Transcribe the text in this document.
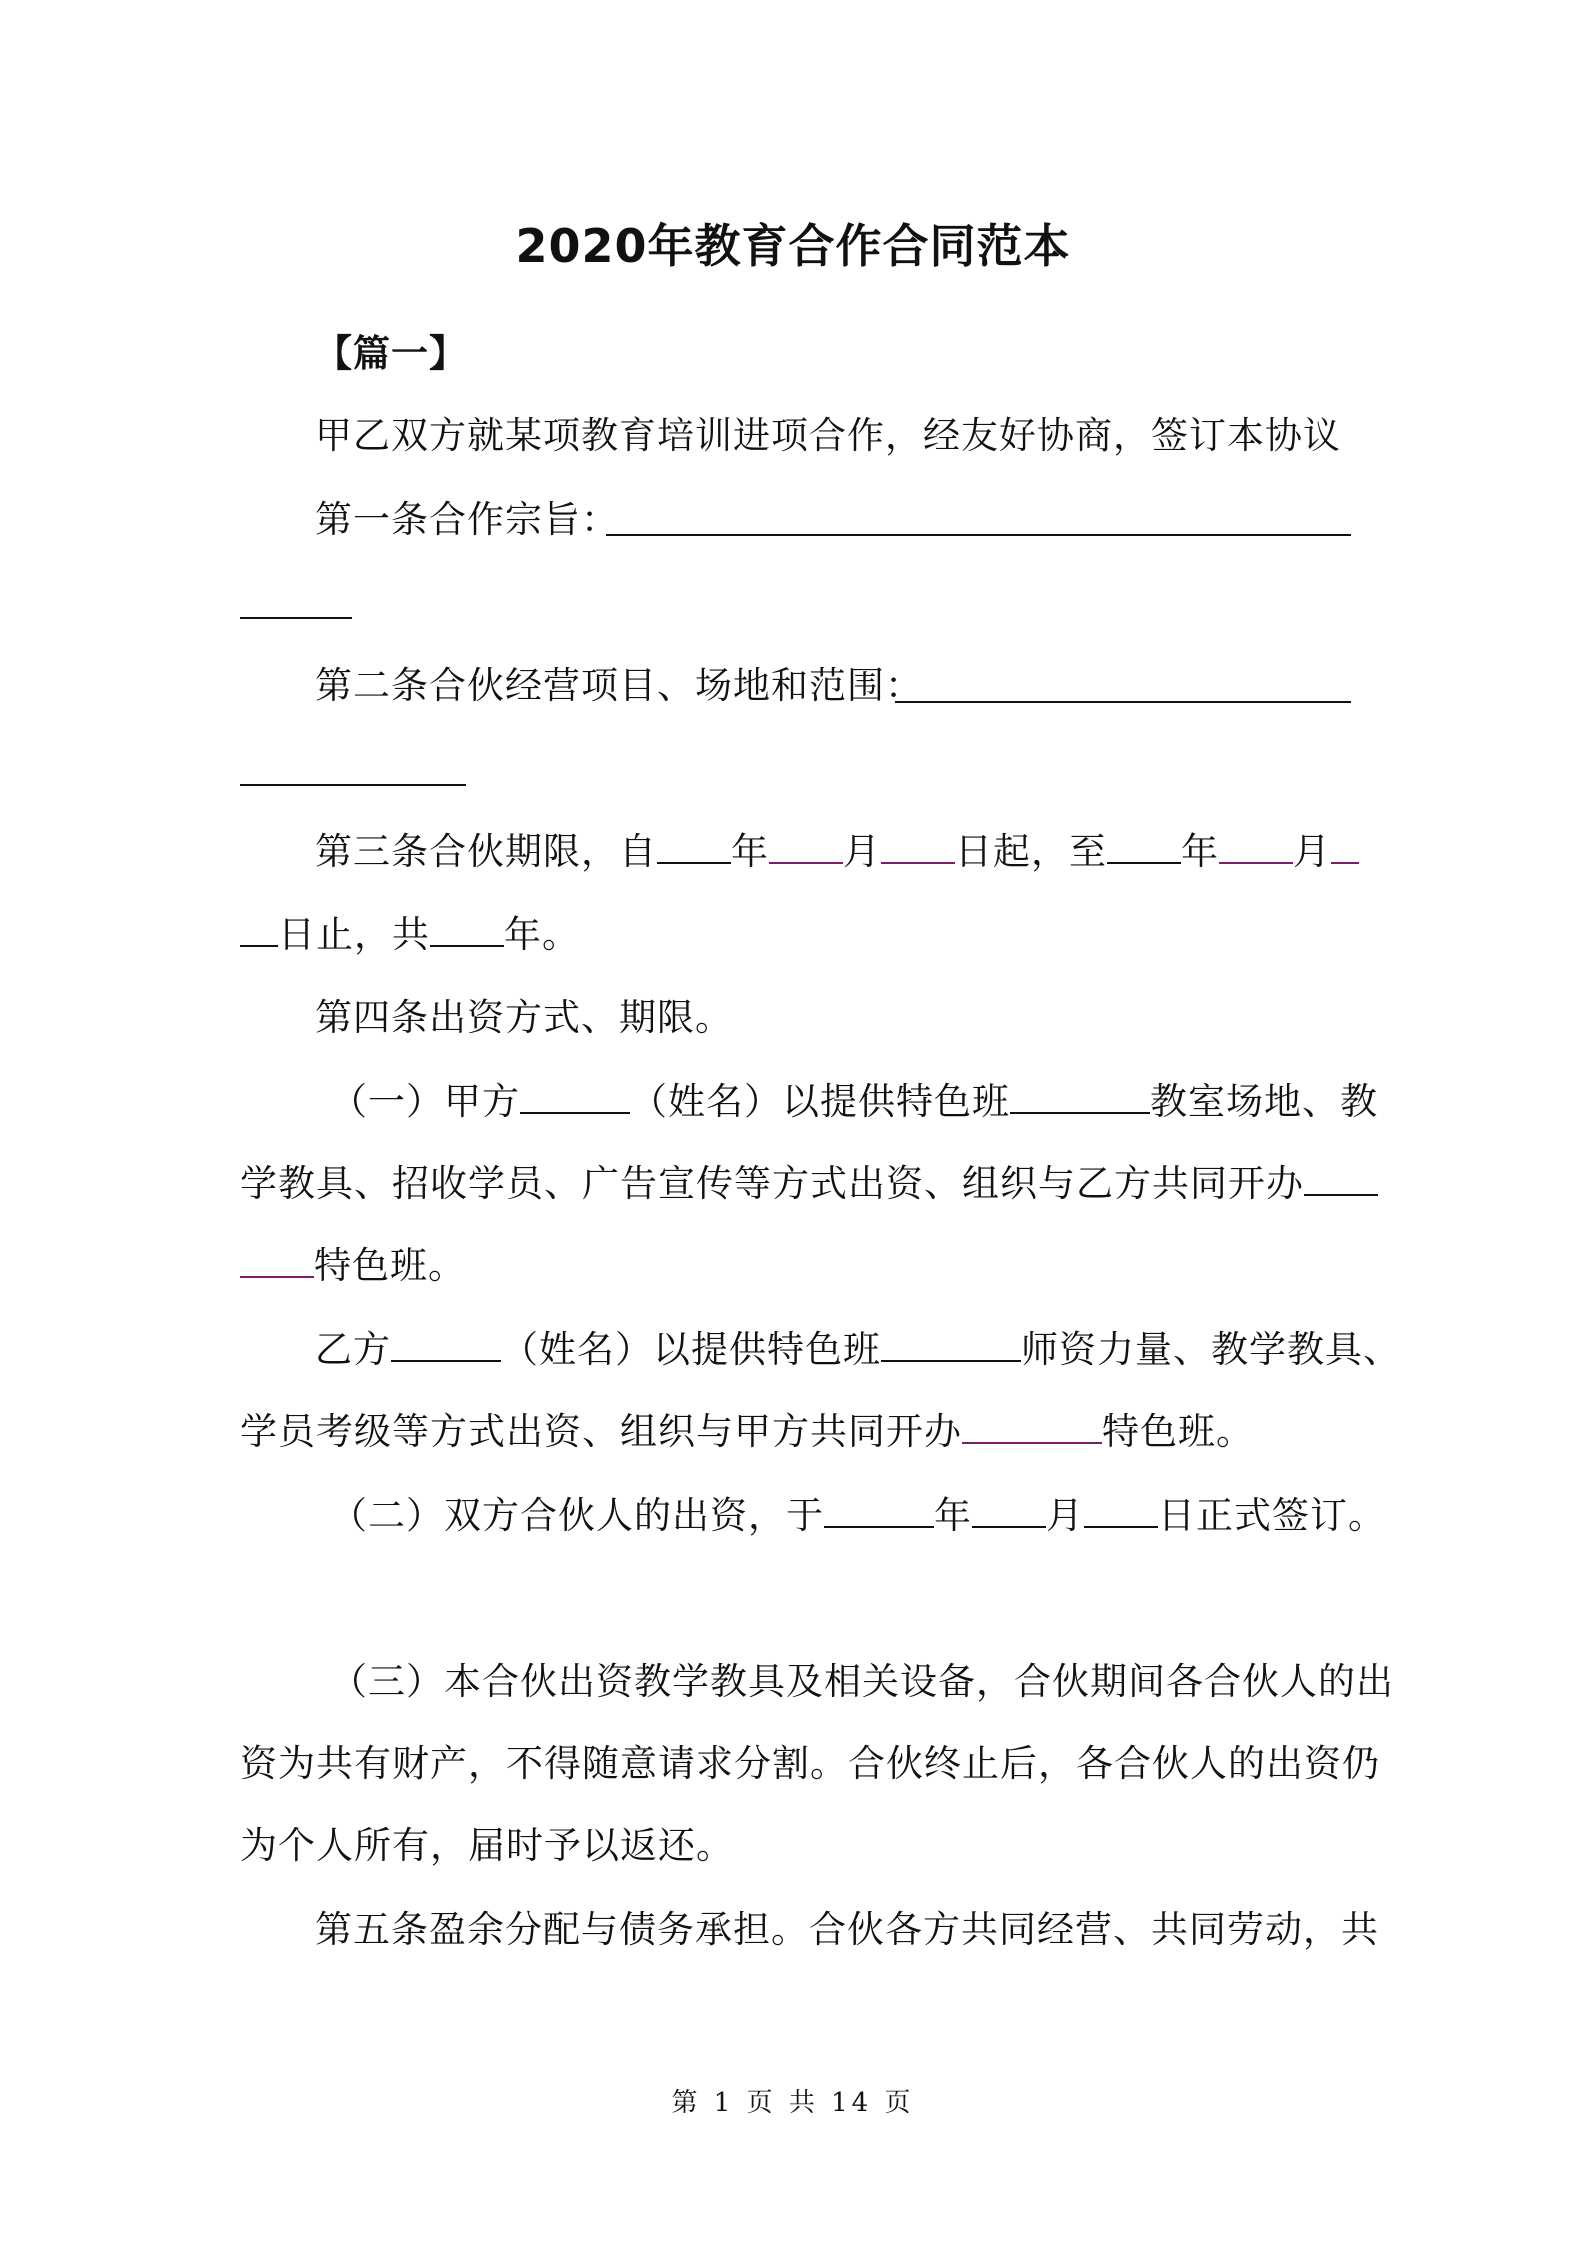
2020年教育合作合同范本
【篇一】
甲乙双方就某项教育培训进项合作，经友好协商，签订本协议
第一条合作宗旨：
第二条合伙经营项目、场地和范围：
第三条合伙期限，自 年 月 日起，至 年 月
日止，共 年。
第四条出资方式、期限。
（一）甲方	（姓名）以提供特色班	教室场地、教
学教具、招收学员、广告宣传等方式出资、组织与乙方共同开办
特色班。
乙方	（姓名）以提供特色班	师资力量、教学教具、
学员考级等方式出资、组织与甲方共同开办	特色班。
（二）双方合伙人的出资，于	年 月 日正式签订。
（三）本合伙出资教学教具及相关设备，合伙期间各合伙人的出
资为共有财产，不得随意请求分割。合伙终止后，各合伙人的出资仍
为个人所有，届时予以返还。
第五条盈余分配与债务承担。合伙各方共同经营、共同劳动，共
第 1 页 共 14 页
